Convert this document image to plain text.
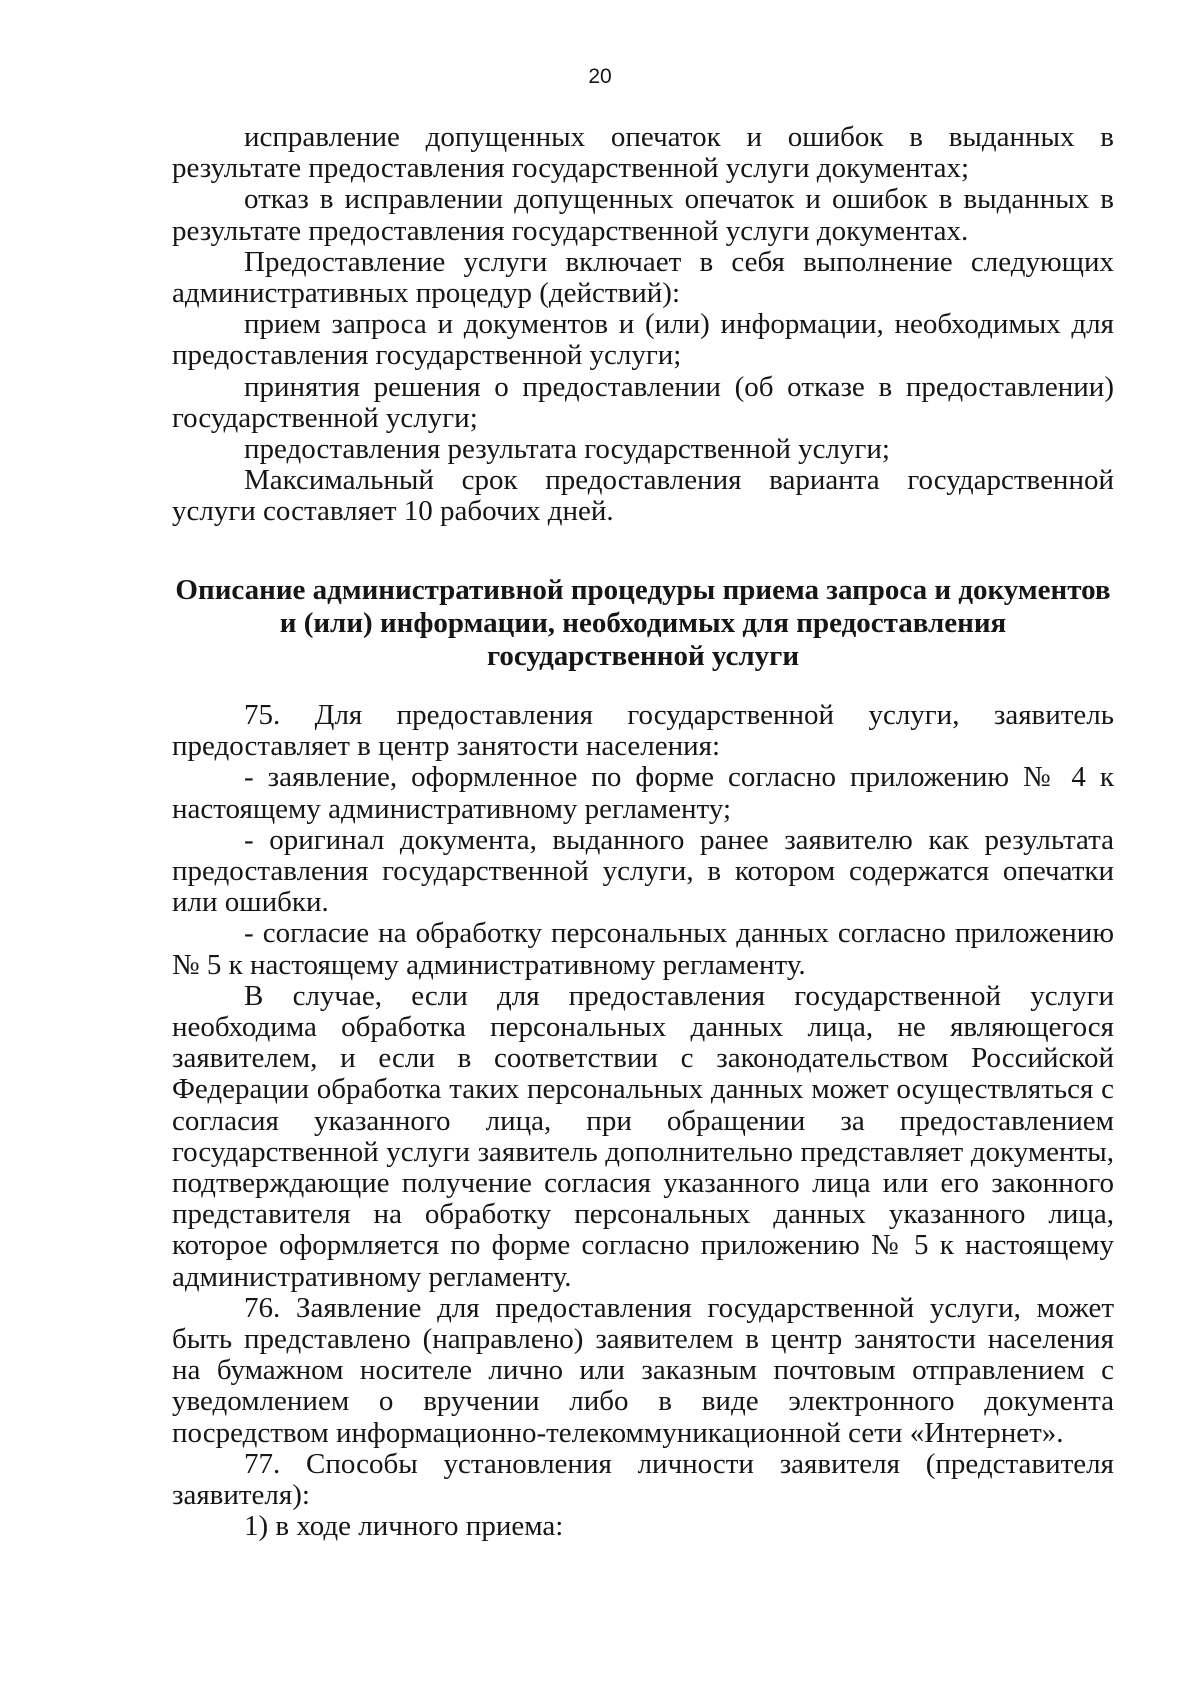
20

исправление допущенных опечаток и ошибок в выданных в результате предоставления государственной услуги документах;

отказ в исправлении допущенных опечаток и ошибок в выданных в результате предоставления государственной услуги документах.

Предоставление услуги включает в себя выполнение следующих административных процедур (действий):

прием запроса и документов и (или) информации, необходимых для предоставления государственной услуги;

принятия решения о предоставлении (об отказе в предоставлении) государственной услуги;

предоставления результата государственной услуги;

Максимальный срок предоставления варианта государственной услуги составляет 10 рабочих дней.

Описание административной процедуры приема запроса и документов и (или) информации, необходимых для предоставления государственной услуги

75. Для предоставления государственной услуги, заявитель предоставляет в центр занятости населения:

- заявление, оформленное по форме согласно приложению № 4 к настоящему административному регламенту;

- оригинал документа, выданного ранее заявителю как результата предоставления государственной услуги, в котором содержатся опечатки или ошибки.

- согласие на обработку персональных данных согласно приложению № 5 к настоящему административному регламенту.

В случае, если для предоставления государственной услуги необходима обработка персональных данных лица, не являющегося заявителем, и если в соответствии с законодательством Российской Федерации обработка таких персональных данных может осуществляться с согласия указанного лица, при обращении за предоставлением государственной услуги заявитель дополнительно представляет документы, подтверждающие получение согласия указанного лица или его законного представителя на обработку персональных данных указанного лица, которое оформляется по форме согласно приложению № 5 к настоящему административному регламенту.

76. Заявление для предоставления государственной услуги, может быть представлено (направлено) заявителем в центр занятости населения на бумажном носителе лично или заказным почтовым отправлением с уведомлением о вручении либо в виде электронного документа посредством информационно-телекоммуникационной сети «Интернет».

77. Способы установления личности заявителя (представителя заявителя):

1) в ходе личного приема:
